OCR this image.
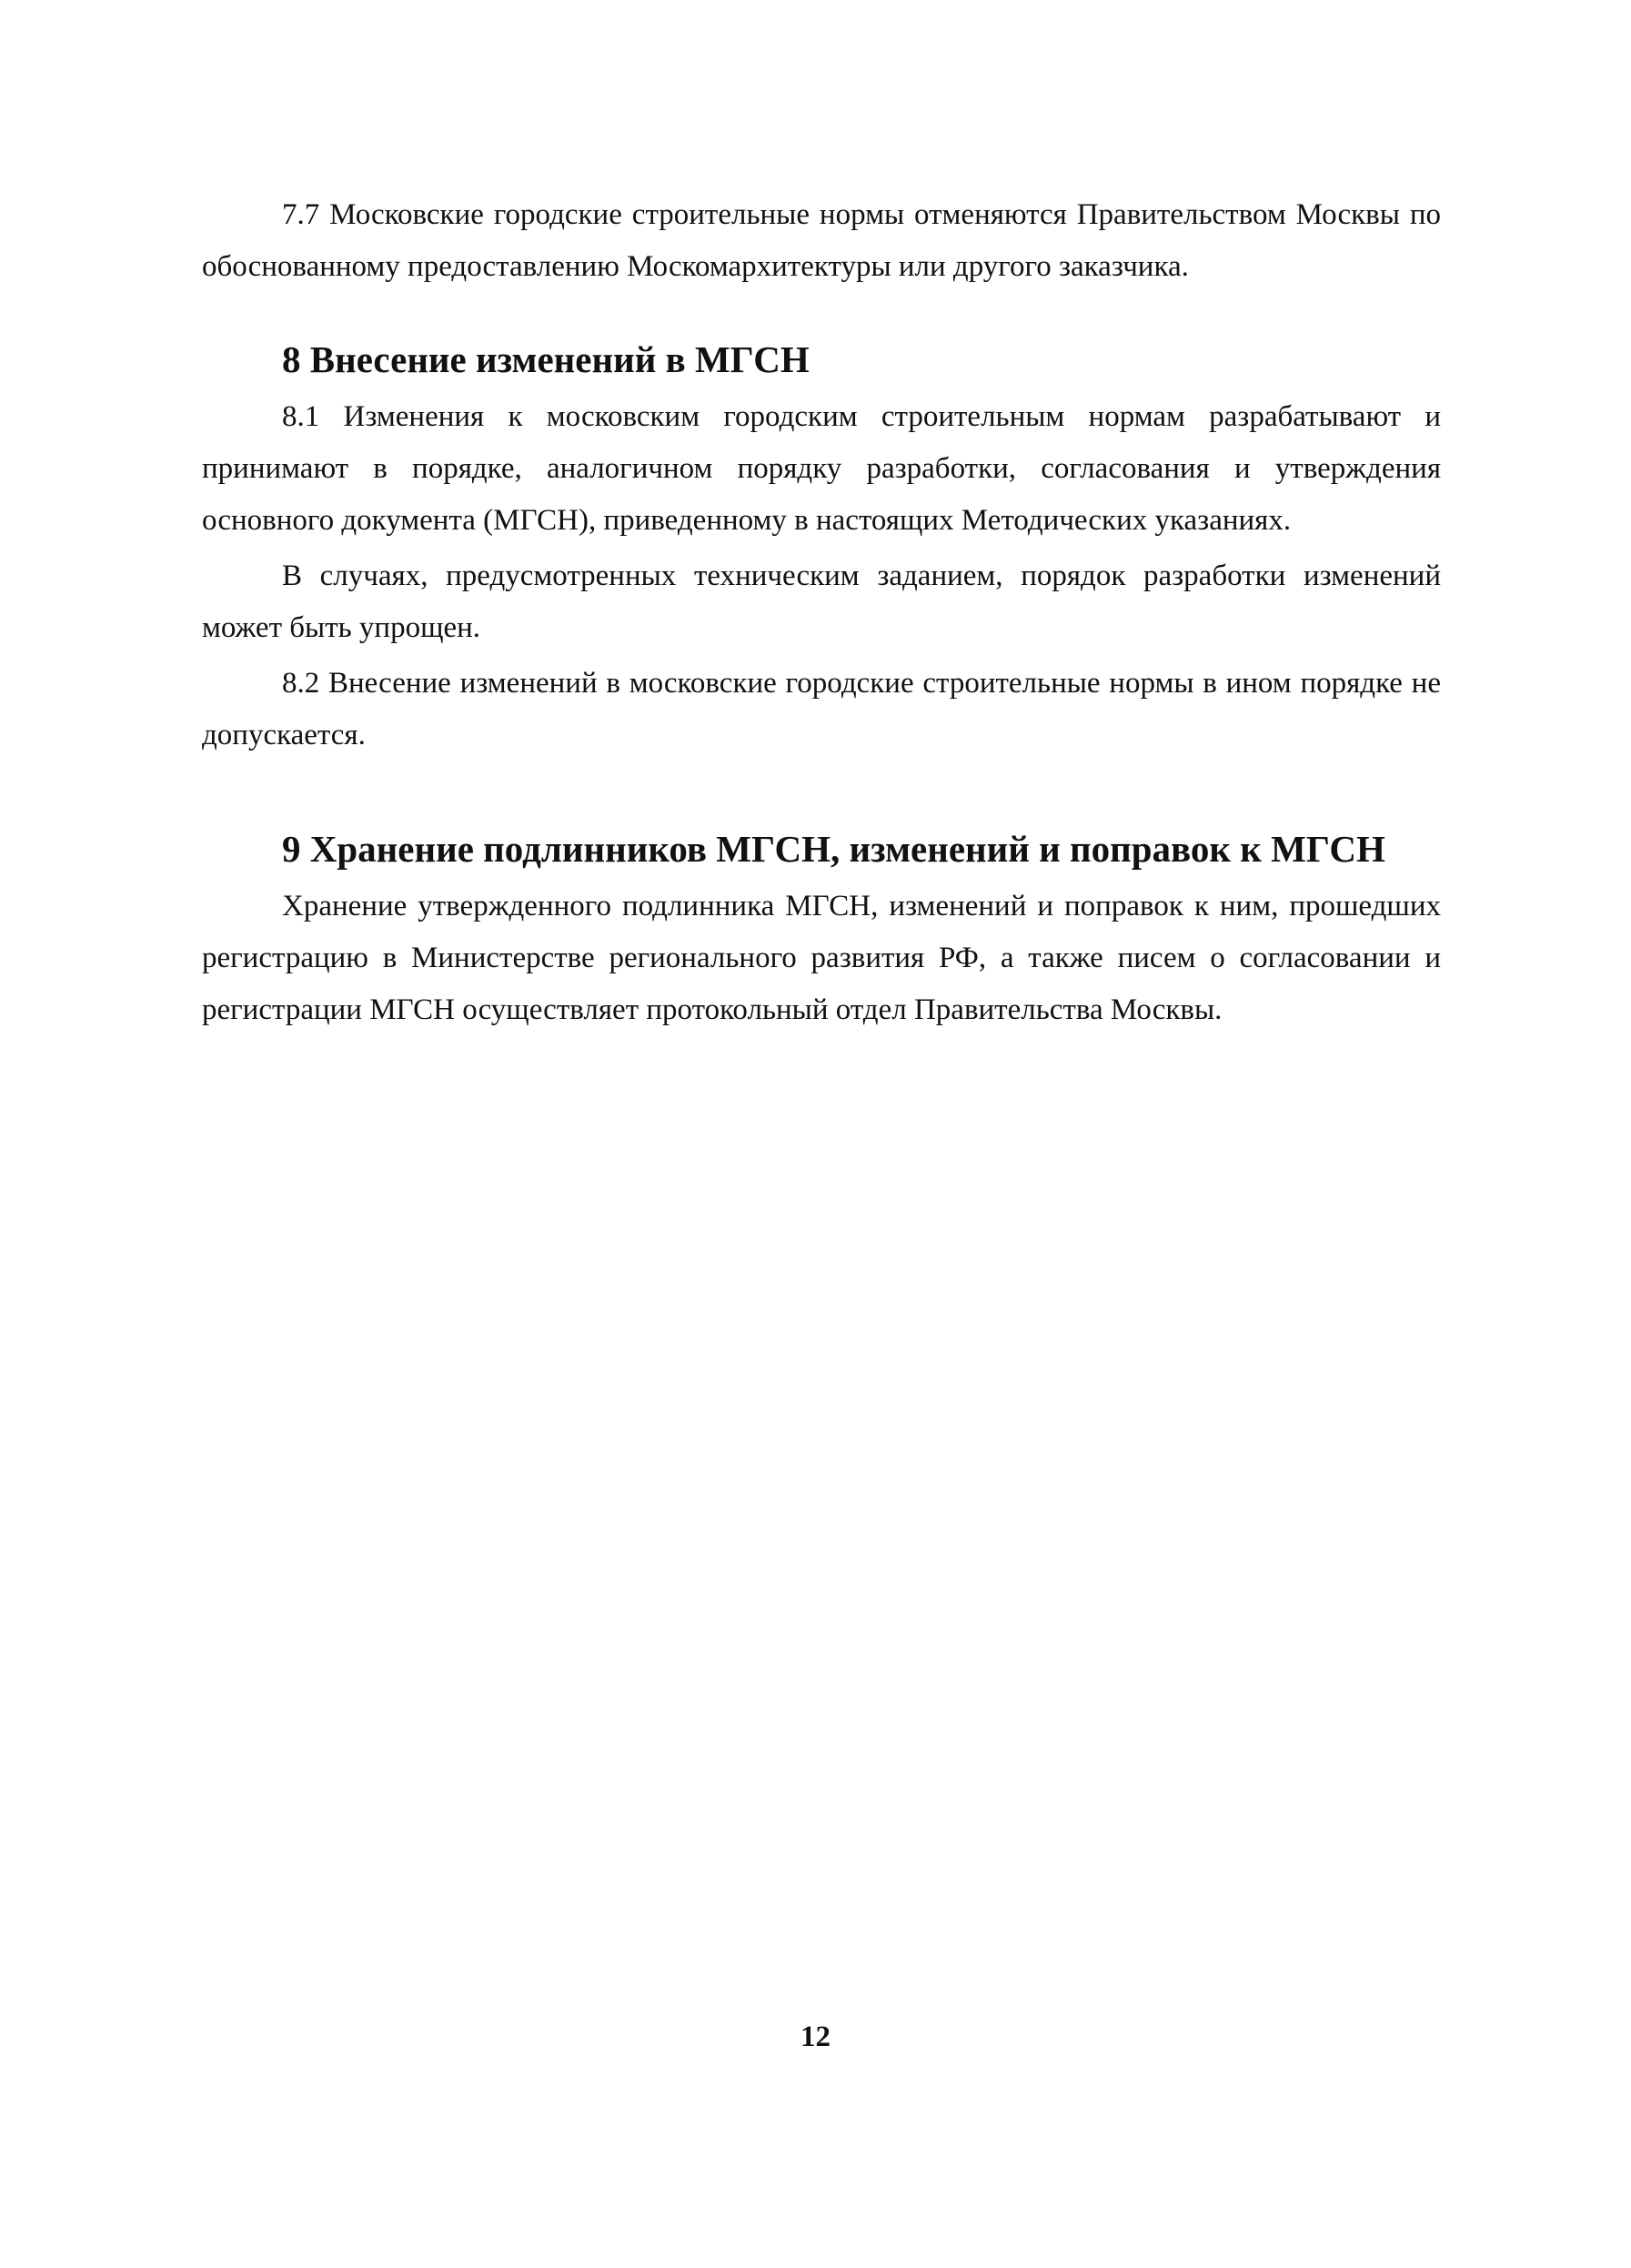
7.7 Московские городские строительные нормы отменяются Правительством Москвы по обоснованному предоставлению Москомархитектуры или другого заказчика.

8 Внесение изменений в МГСН

8.1 Изменения к московским городским строительным нормам разрабатывают и принимают в порядке, аналогичном порядку разработки, согласования и утверждения основного документа (МГСН), приведенному в настоящих Методических указаниях.

В случаях, предусмотренных техническим заданием, порядок разработки изменений может быть упрощен.

8.2 Внесение изменений в московские городские строительные нормы в ином порядке не допускается.

9 Хранение подлинников МГСН, изменений и поправок к МГСН

Хранение утвержденного подлинника МГСН, изменений и поправок к ним, прошедших регистрацию в Министерстве регионального развития РФ, а также писем о согласовании и регистрации МГСН осуществляет протокольный отдел Правительства Москвы.

12
